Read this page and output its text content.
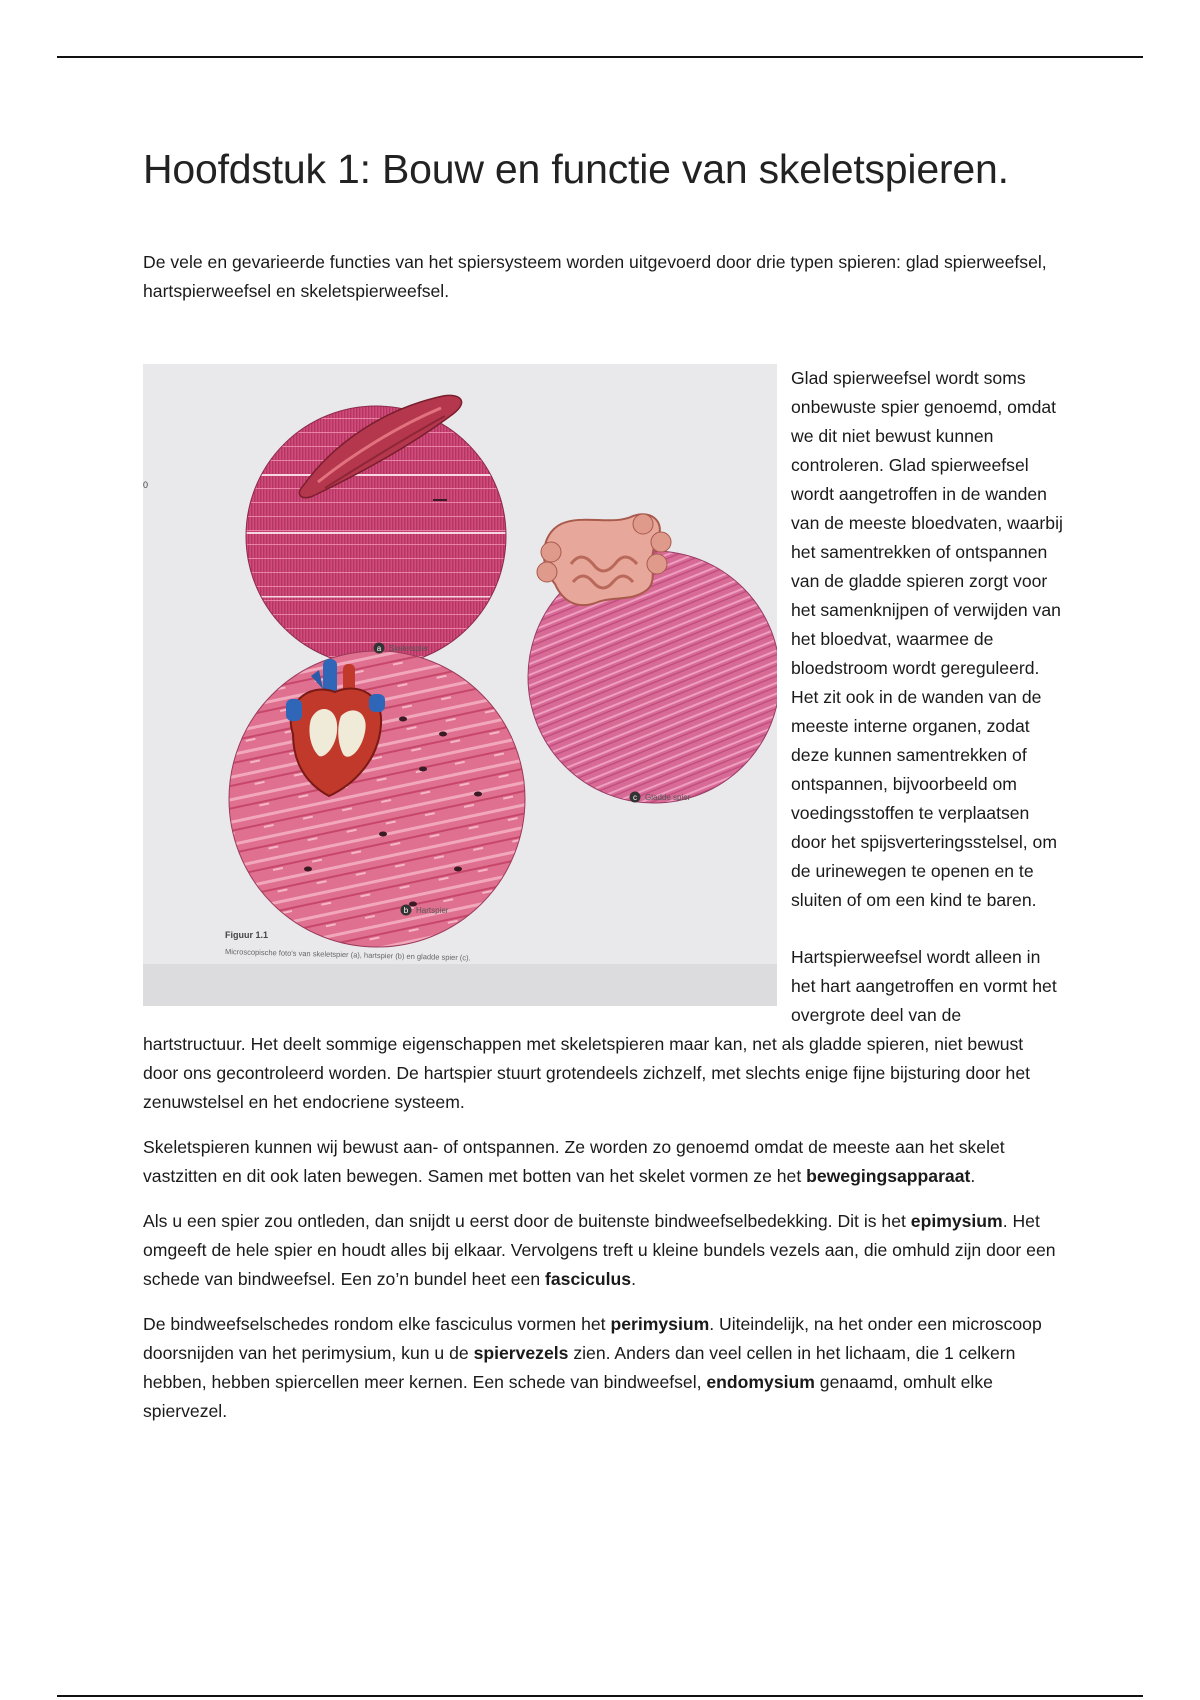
Hoofdstuk 1: Bouw en functie van skeletspieren.

De vele en gevarieerde functies van het spiersysteem worden uitgevoerd door drie typen spieren: glad spierweefsel, hartspierweefsel en skeletspierweefsel.

a Skeletspier
c Gladde spier
b Hartspier
Figuur 1.1
Microscopische foto's van skeletspier (a), hartspier (b) en gladde spier (c).
0

Glad spierweefsel wordt soms onbewuste spier genoemd, omdat we dit niet bewust kunnen controleren. Glad spierweefsel wordt aangetroffen in de wanden van de meeste bloedvaten, waarbij het samentrekken of ontspannen van de gladde spieren zorgt voor het samenknijpen of verwijden van het bloedvat, waarmee de bloedstroom wordt gereguleerd. Het zit ook in de wanden van de meeste interne organen, zodat deze kunnen samentrekken of ontspannen, bijvoorbeeld om voedingsstoffen te verplaatsen door het spijsverteringsstelsel, om de urinewegen te openen en te sluiten of om een kind te baren.

Hartspierweefsel wordt alleen in het hart aangetroffen en vormt het overgrote deel van de hartstructuur. Het deelt sommige eigenschappen met skeletspieren maar kan, net als gladde spieren, niet bewust door ons gecontroleerd worden. De hartspier stuurt grotendeels zichzelf, met slechts enige fijne bijsturing door het zenuwstelsel en het endocriene systeem.

Skeletspieren kunnen wij bewust aan- of ontspannen. Ze worden zo genoemd omdat de meeste aan het skelet vastzitten en dit ook laten bewegen. Samen met botten van het skelet vormen ze het bewegingsapparaat.

Als u een spier zou ontleden, dan snijdt u eerst door de buitenste bindweefselbedekking. Dit is het epimysium. Het omgeeft de hele spier en houdt alles bij elkaar. Vervolgens treft u kleine bundels vezels aan, die omhuld zijn door een schede van bindweefsel. Een zo’n bundel heet een fasciculus.

De bindweefselschedes rondom elke fasciculus vormen het perimysium. Uiteindelijk, na het onder een microscoop doorsnijden van het perimysium, kun u de spiervezels zien. Anders dan veel cellen in het lichaam, die 1 celkern hebben, hebben spiercellen meer kernen. Een schede van bindweefsel, endomysium genaamd, omhult elke spiervezel.
